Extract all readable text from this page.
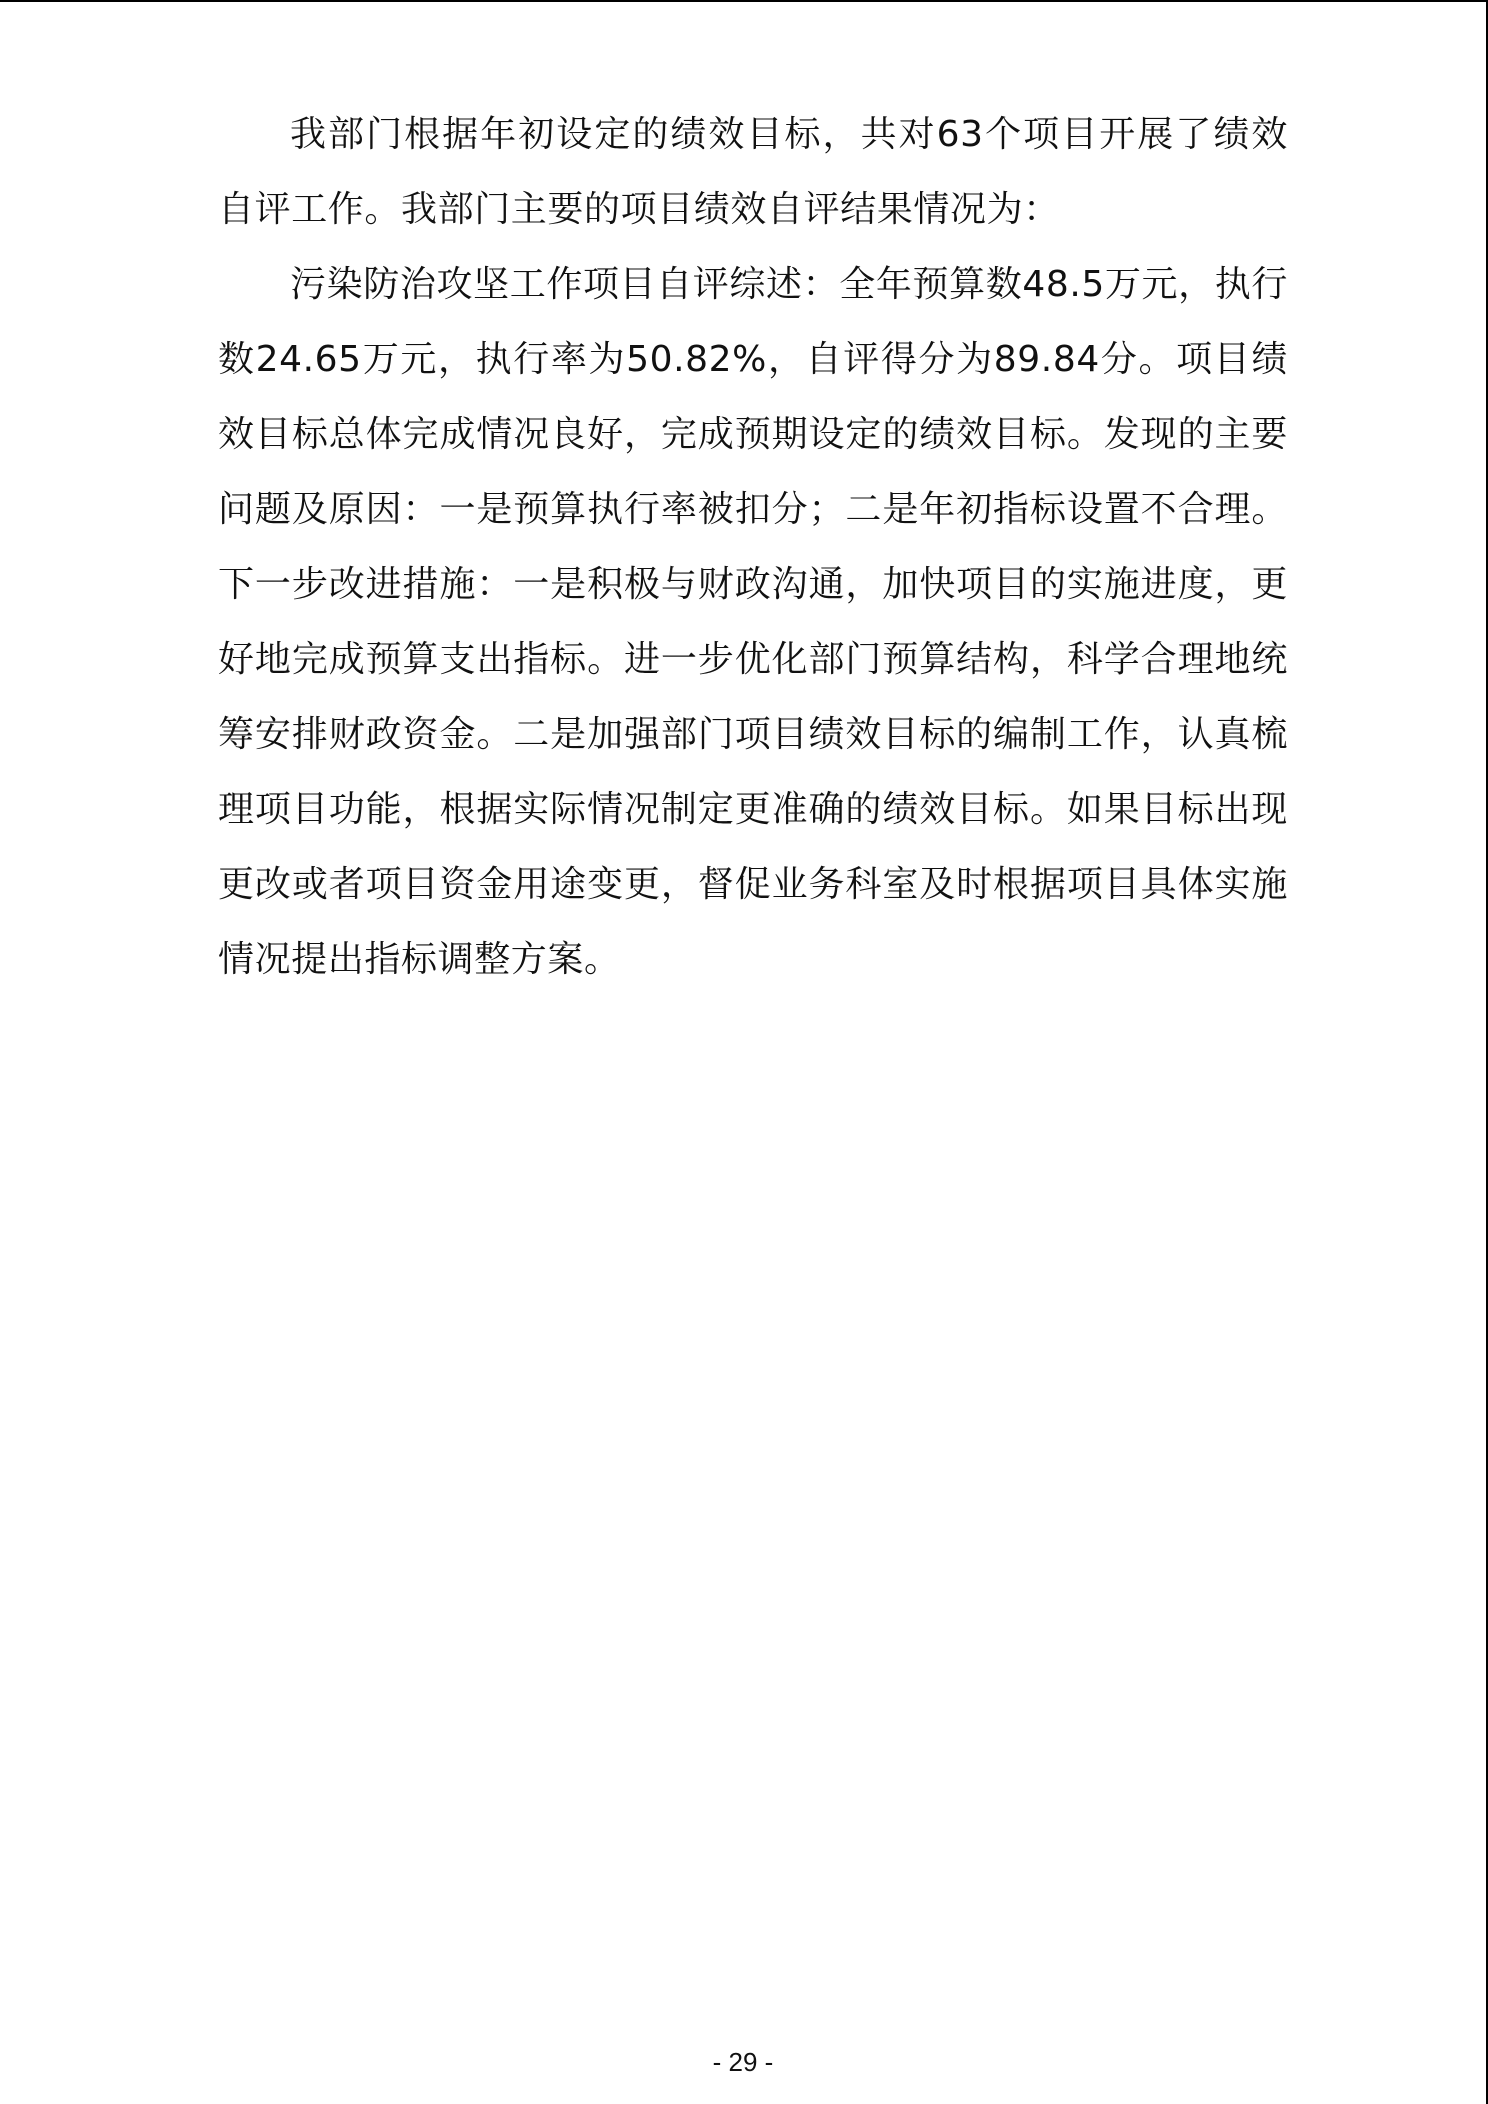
我部门根据年初设定的绩效目标，共对63个项目开展了绩效自评工作。我部门主要的项目绩效自评结果情况为：

污染防治攻坚工作项目自评综述：全年预算数48.5万元，执行数24.65万元，执行率为50.82%，自评得分为89.84分。项目绩效目标总体完成情况良好，完成预期设定的绩效目标。发现的主要问题及原因：一是预算执行率被扣分；二是年初指标设置不合理。下一步改进措施：一是积极与财政沟通，加快项目的实施进度，更好地完成预算支出指标。进一步优化部门预算结构，科学合理地统筹安排财政资金。二是加强部门项目绩效目标的编制工作，认真梳理项目功能，根据实际情况制定更准确的绩效目标。如果目标出现更改或者项目资金用途变更，督促业务科室及时根据项目具体实施情况提出指标调整方案。

- 29 -
